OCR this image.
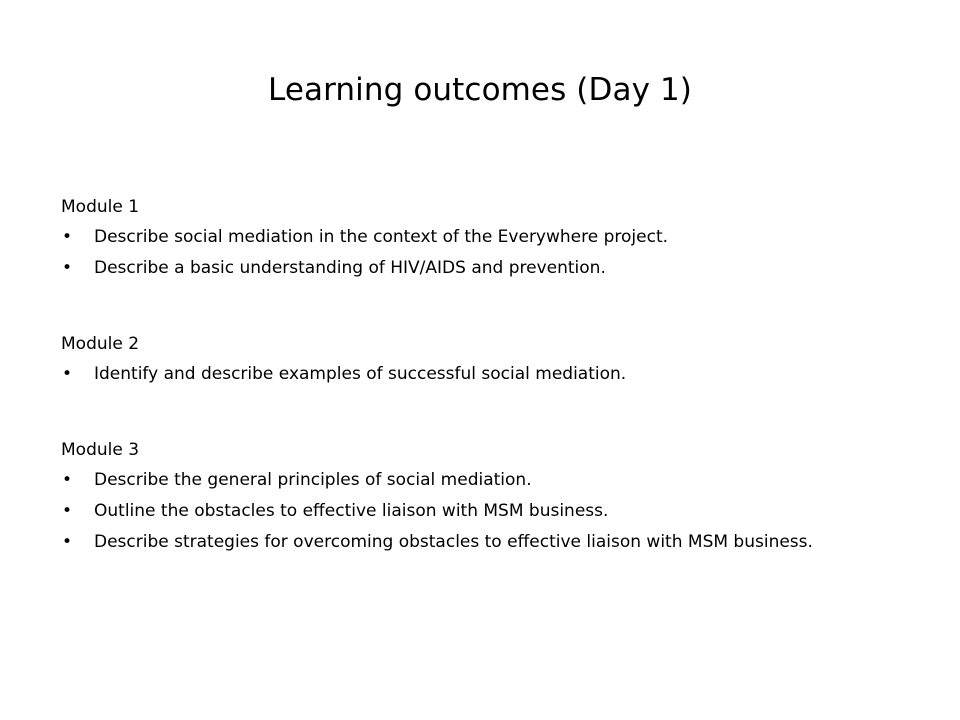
Learning outcomes (Day 1)
Module 1
• Describe social mediation in the context of the Everywhere project.
• Describe a basic understanding of HIV/AIDS and prevention.
Module 2
• Identify and describe examples of successful social mediation.
Module 3
• Describe the general principles of social mediation.
• Outline the obstacles to effective liaison with MSM business.
• Describe strategies for overcoming obstacles to effective liaison with MSM business.
